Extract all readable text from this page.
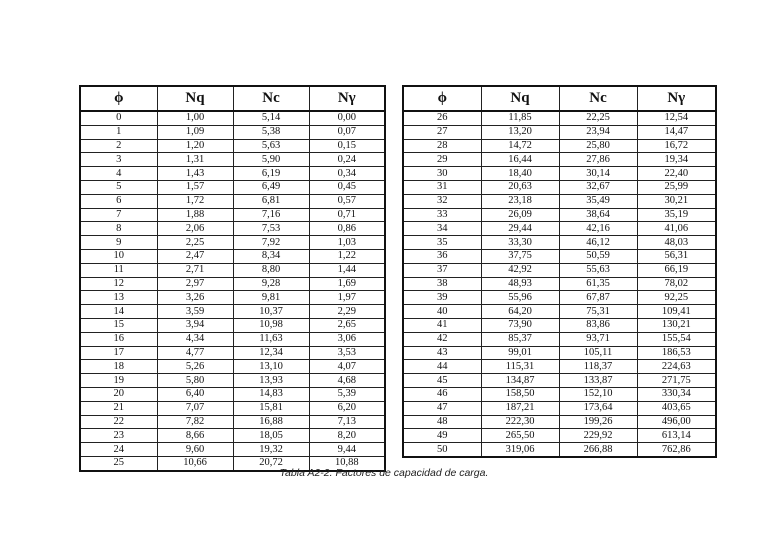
ϕ	Nq	Nc	Nγ
0	1,00	5,14	0,00
1	1,09	5,38	0,07
2	1,20	5,63	0,15
3	1,31	5,90	0,24
4	1,43	6,19	0,34
5	1,57	6,49	0,45
6	1,72	6,81	0,57
7	1,88	7,16	0,71
8	2,06	7,53	0,86
9	2,25	7,92	1,03
10	2,47	8,34	1,22
11	2,71	8,80	1,44
12	2,97	9,28	1,69
13	3,26	9,81	1,97
14	3,59	10,37	2,29
15	3,94	10,98	2,65
16	4,34	11,63	3,06
17	4,77	12,34	3,53
18	5,26	13,10	4,07
19	5,80	13,93	4,68
20	6,40	14,83	5,39
21	7,07	15,81	6,20
22	7,82	16,88	7,13
23	8,66	18,05	8,20
24	9,60	19,32	9,44
25	10,66	20,72	10,88
ϕ	Nq	Nc	Nγ
26	11,85	22,25	12,54
27	13,20	23,94	14,47
28	14,72	25,80	16,72
29	16,44	27,86	19,34
30	18,40	30,14	22,40
31	20,63	32,67	25,99
32	23,18	35,49	30,21
33	26,09	38,64	35,19
34	29,44	42,16	41,06
35	33,30	46,12	48,03
36	37,75	50,59	56,31
37	42,92	55,63	66,19
38	48,93	61,35	78,02
39	55,96	67,87	92,25
40	64,20	75,31	109,41
41	73,90	83,86	130,21
42	85,37	93,71	155,54
43	99,01	105,11	186,53
44	115,31	118,37	224,63
45	134,87	133,87	271,75
46	158,50	152,10	330,34
47	187,21	173,64	403,65
48	222,30	199,26	496,00
49	265,50	229,92	613,14
50	319,06	266,88	762,86
Tabla A2-2. Factores de capacidad de carga.
